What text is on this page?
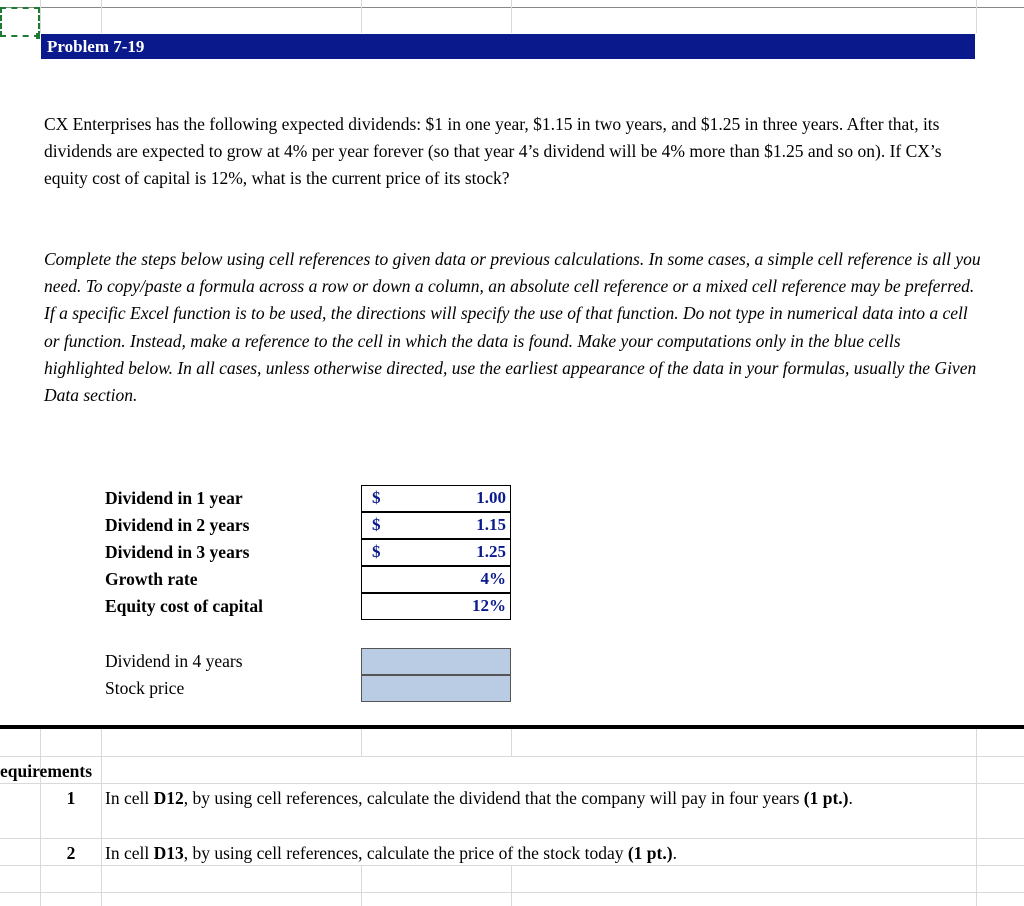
Problem 7-19
CX Enterprises has the following expected dividends: $1 in one year, $1.15 in two years, and $1.25 in three years. After that, its dividends are expected to grow at 4% per year forever (so that year 4’s dividend will be 4% more than $1.25 and so on). If CX’s equity cost of capital is 12%, what is the current price of its stock?
Complete the steps below using cell references to given data or previous calculations. In some cases, a simple cell reference is all you need. To copy/paste a formula across a row or down a column, an absolute cell reference or a mixed cell reference may be preferred. If a specific Excel function is to be used, the directions will specify the use of that function. Do not type in numerical data into a cell or function. Instead, make a reference to the cell in which the data is found. Make your computations only in the blue cells highlighted below. In all cases, unless otherwise directed, use the earliest appearance of the data in your formulas, usually the Given Data section.
Dividend in 1 year	$	1.00
Dividend in 2 years	$	1.15
Dividend in 3 years	$	1.25
Growth rate	4%
Equity cost of capital	12%
Dividend in 4 years
Stock price
equirements
1	In cell D12, by using cell references, calculate the dividend that the company will pay in four years (1 pt.).
2	In cell D13, by using cell references, calculate the price of the stock today (1 pt.).
